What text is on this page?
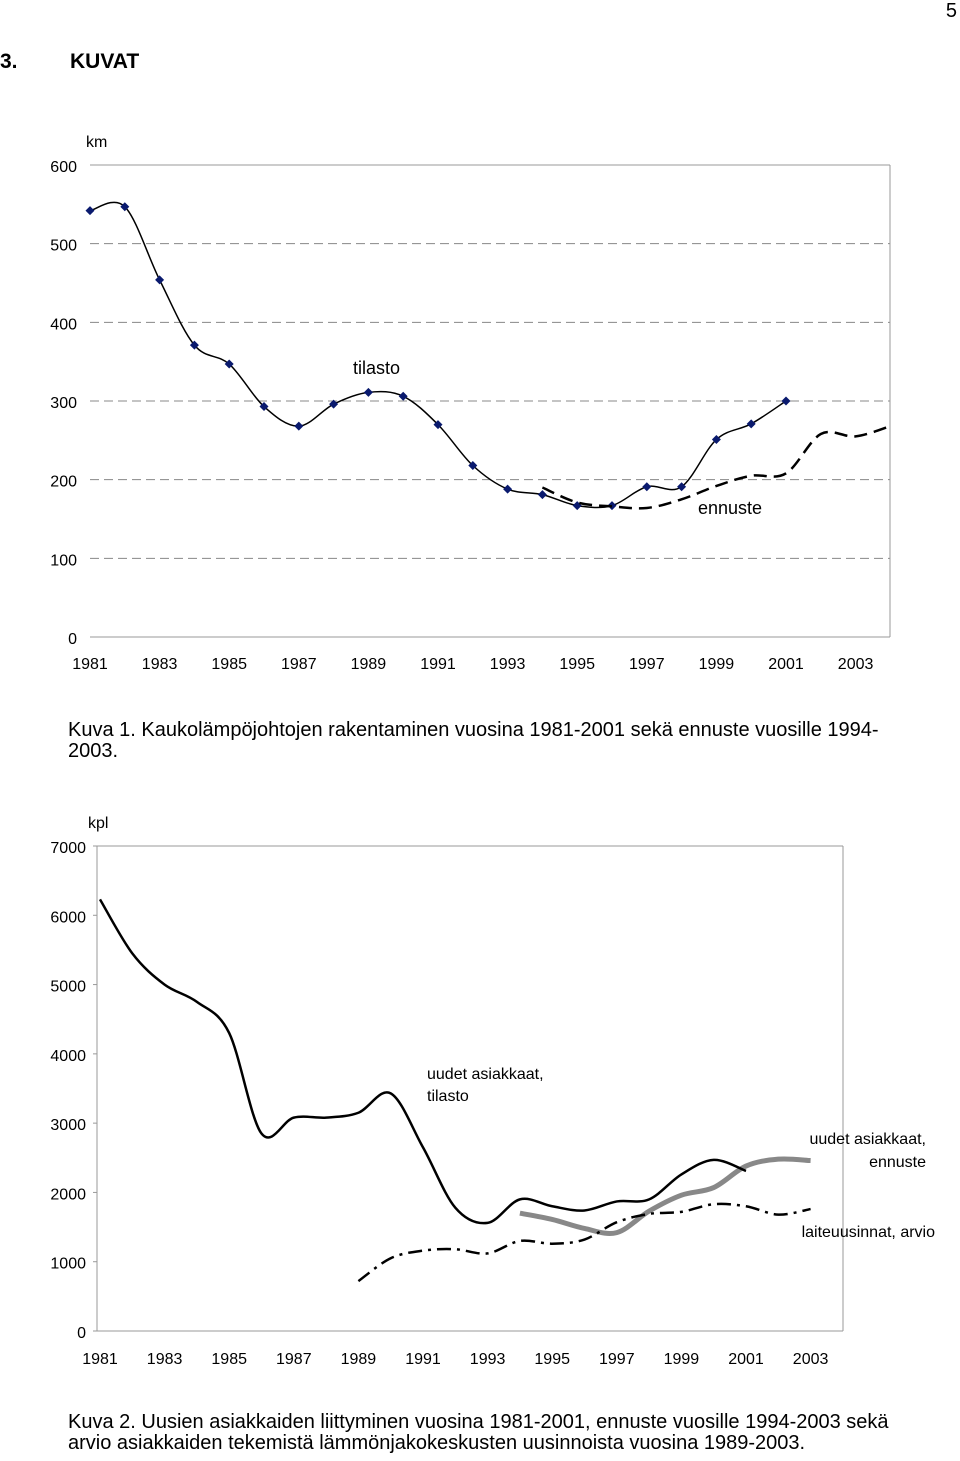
5
3. KUVAT
0
100
200
300
400
500
600
1981 1983 1985 1987 1989 1991 1993 1995 1997 1999 2001 2003
km
tilasto
ennuste
Kuva 1. Kaukolämpöjohtojen rakentaminen vuosina 1981-2001 sekä ennuste vuosille 1994-
2003.
0
1000
2000
3000
4000
5000
6000
7000
1981 1983 1985 1987 1989 1991 1993 1995 1997 1999 2001 2003
kpl
uudet asiakkaat,
tilasto
uudet asiakkaat,
ennuste
laiteuusinnat, arvio
Kuva 2. Uusien asiakkaiden liittyminen vuosina 1981-2001, ennuste vuosille 1994-2003 sekä
arvio asiakkaiden tekemistä lämmönjakokeskusten uusinnoista vuosina 1989-2003.
